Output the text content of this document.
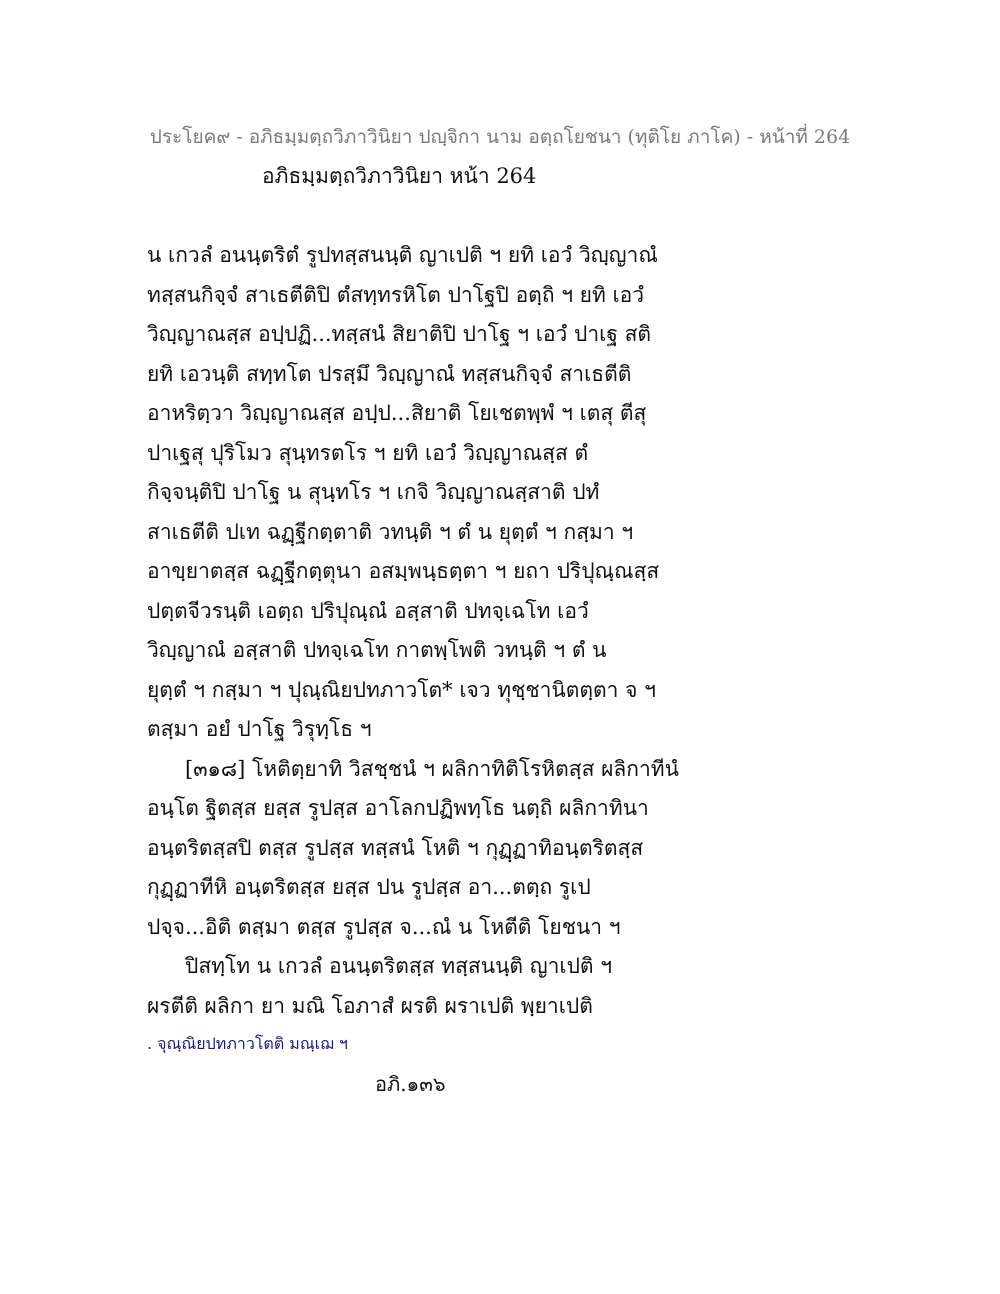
ประโยค๙ - อภิธมฺมตฺถวิภาวินิยา ปญฺจิกา นาม อตฺถโยชนา (ทุติโย ภาโค) - หน้าที่ 264
อภิธมฺมตฺถวิภาวินิยา หน้า 264
น เกวลํ อนนฺตริตํ รูปทสฺสนนฺติ ญาเปติ ฯ ยทิ เอวํ วิญฺญาณํ
ทสฺสนกิจฺจํ สาเธตีติปิ ตํสทฺทรหิโต ปาโฐปิ อตฺถิ ฯ ยทิ เอวํ
วิญฺญาณสฺส อปฺปฏิ...ทสฺสนํ สิยาติปิ ปาโฐ ฯ เอวํ ปาเฐ สติ
ยทิ เอวนฺติ สทฺทโต ปรสฺมึ วิญฺญาณํ ทสฺสนกิจฺจํ สาเธตีติ
อาหริตฺวา วิญฺญาณสฺส อปฺป...สิยาติ โยเชตพฺพํ ฯ เตสุ ตีสุ
ปาเฐสุ ปุริโมว สุนฺทรตโร ฯ ยทิ เอวํ วิญฺญาณสฺส ตํ
กิจฺจนฺติปิ ปาโฐ น สุนฺทโร ฯ เกจิ วิญฺญาณสฺสาติ ปทํ
สาเธตีติ ปเท ฉฏฺฐีกตฺตาติ วทนฺติ ฯ ตํ น ยุตฺตํ ฯ กสฺมา ฯ
อาขฺยาตสฺส ฉฏฺฐีกตฺตุนา อสมฺพนฺธตฺตา ฯ ยถา ปริปุณฺณสฺส
ปตฺตจีวรนฺติ เอตฺถ ปริปุณฺณํ อสฺสาติ ปทจฺเฉโท เอวํ
วิญฺญาณํ อสฺสาติ ปทจฺเฉโท กาตพฺโพติ วทนฺติ ฯ ตํ น
ยุตฺตํ ฯ กสฺมา ฯ ปุณฺณิยปทภาวโต* เจว ทุชฺชานิตตฺตา จ ฯ
ตสฺมา อยํ ปาโฐ วิรุทฺโธ ฯ
[๓๑๘] โหติตฺยาทิ วิสชฺชนํ ฯ ผลิกาทิติโรหิตสฺส ผลิกาทีนํ
อนฺโต ฐิตสฺส ยสฺส รูปสฺส อาโลกปฏิพทฺโธ นตฺถิ ผลิกาทินา
อนฺตริตสฺสปิ ตสฺส รูปสฺส ทสฺสนํ โหติ ฯ กุฏฺฏาทิอนฺตริตสฺส
กุฏฺฏาทีหิ อนฺตริตสฺส ยสฺส ปน รูปสฺส อา...ตตฺถ รูเป
ปจฺจ...อิติ ตสฺมา ตสฺส รูปสฺส จ...ณํ น โหตีติ โยชนา ฯ
ปิสทฺโท น เกวลํ อนนฺตริตสฺส ทสฺสนนฺติ ญาเปติ ฯ
ผรตีติ ผลิกา ยา มณิ โอภาสํ ผรติ ผราเปติ พฺยาเปติ
. จุณฺณิยปทภาวโตติ มณฺเฌ ฯ
อภิ.๑๓๖
